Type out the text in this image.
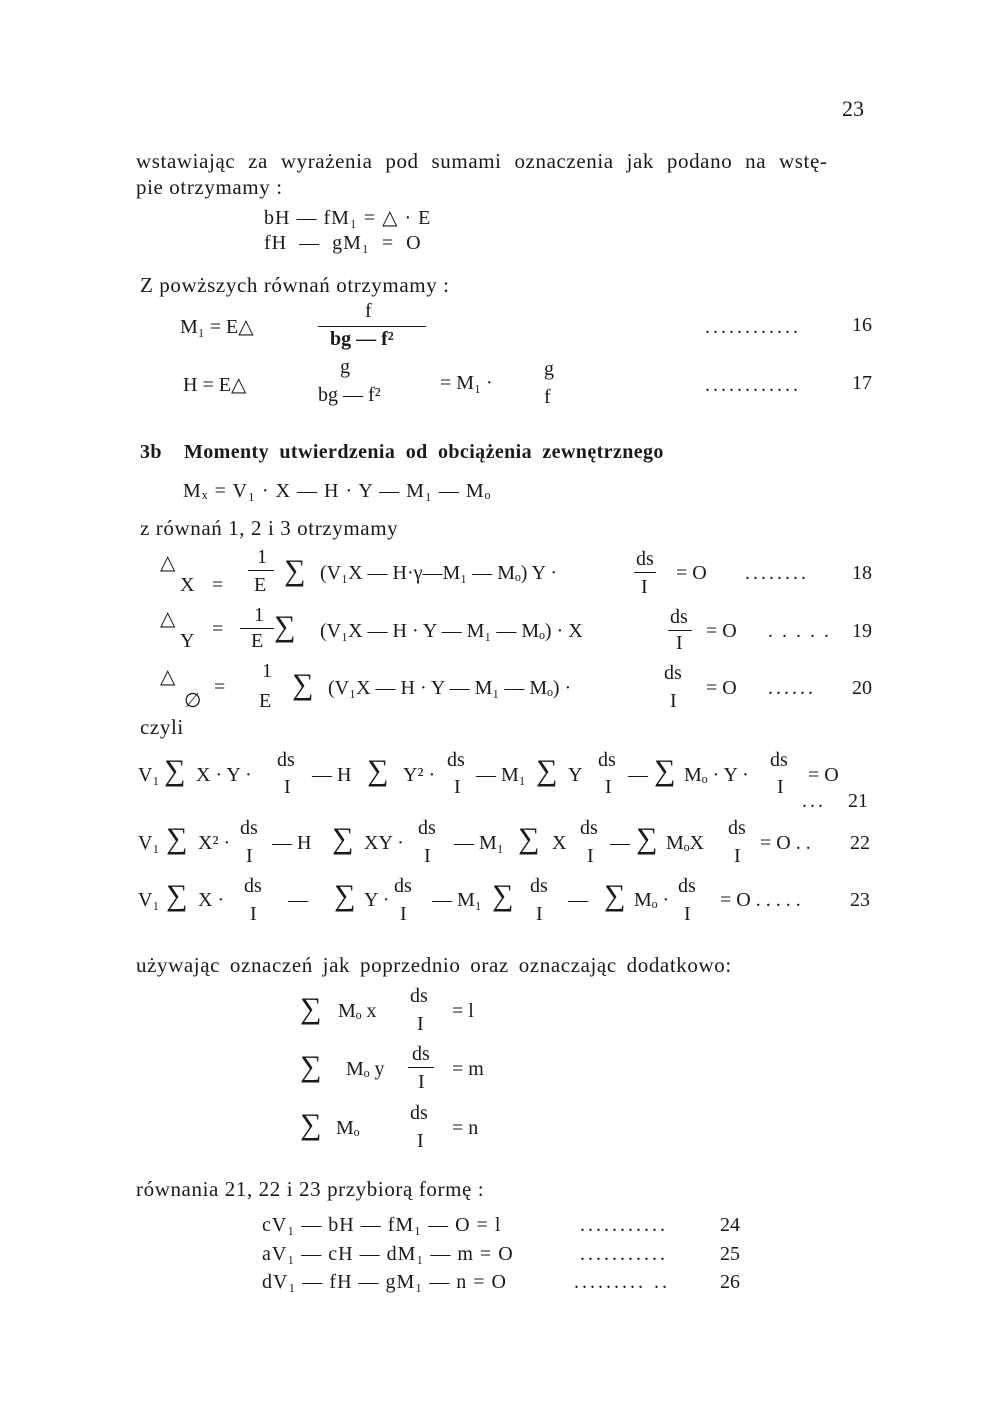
23
wstawiając za wyrażenia pod sumami oznaczenia jak podano na wstę-
pie otrzymamy :
bH — fM₁ = △ · E
fH — gM₁ = O
Z powższych równań otrzymamy :
M₁ = E△
f
bg — f²
............	16
H = E△
g
bg — f²
= M₁ ·
g
f
............	17
3b Momenty utwierdzenia od obciążenia zewnętrznego
Mₓ = V₁ · X — H · Y — M₁ — Mₒ
z równań 1, 2 i 3 otrzymamy
△
X =
1
E ∑ (V₁X — H·γ—M₁ — Mₒ) Y ·
ds
I
= O ........ 18
△
Y
=
1
E ∑ (V₁X — H · Y — M₁ — Mₒ) · X
ds
I
= O . . . . . 19
△
∅
=
1
E ∑ (V₁X — H · Y — M₁ — Mₒ) ·
ds
I
= O ...... 20
czyli
V₁ ∑ X · Y ·
ds
I
— H ∑ Y² ·
ds
I
— M₁ ∑ Y
ds
I
— ∑ Mₒ · Y ·
ds
I
= O
... 21
V₁ ∑ X² ·
ds
I
— H ∑ XY ·
ds
I
— M₁ ∑ X
ds
I
— ∑ MₒX
ds
I
= O . . 22
V₁ ∑ X ·
ds
I
— ∑ Y ·
ds
I
— M₁ ∑ ds
I
— ∑ Mₒ ·
ds
I
= O . . . . . 23
używając oznaczeń jak poprzednio oraz oznaczając dodatkowo:
∑ Mₒ x
ds
I
= l
∑ Mₒ y
ds
I
= m
∑ Mₒ
ds
I
= n
równania 21, 22 i 23 przybiorą formę :
cV₁ — bH — fM₁ — O = l	...........	24
aV₁ — cH — dM₁ — m = O	...........	25
dV₁ — fH — gM₁ — n = O	......... ..	26
